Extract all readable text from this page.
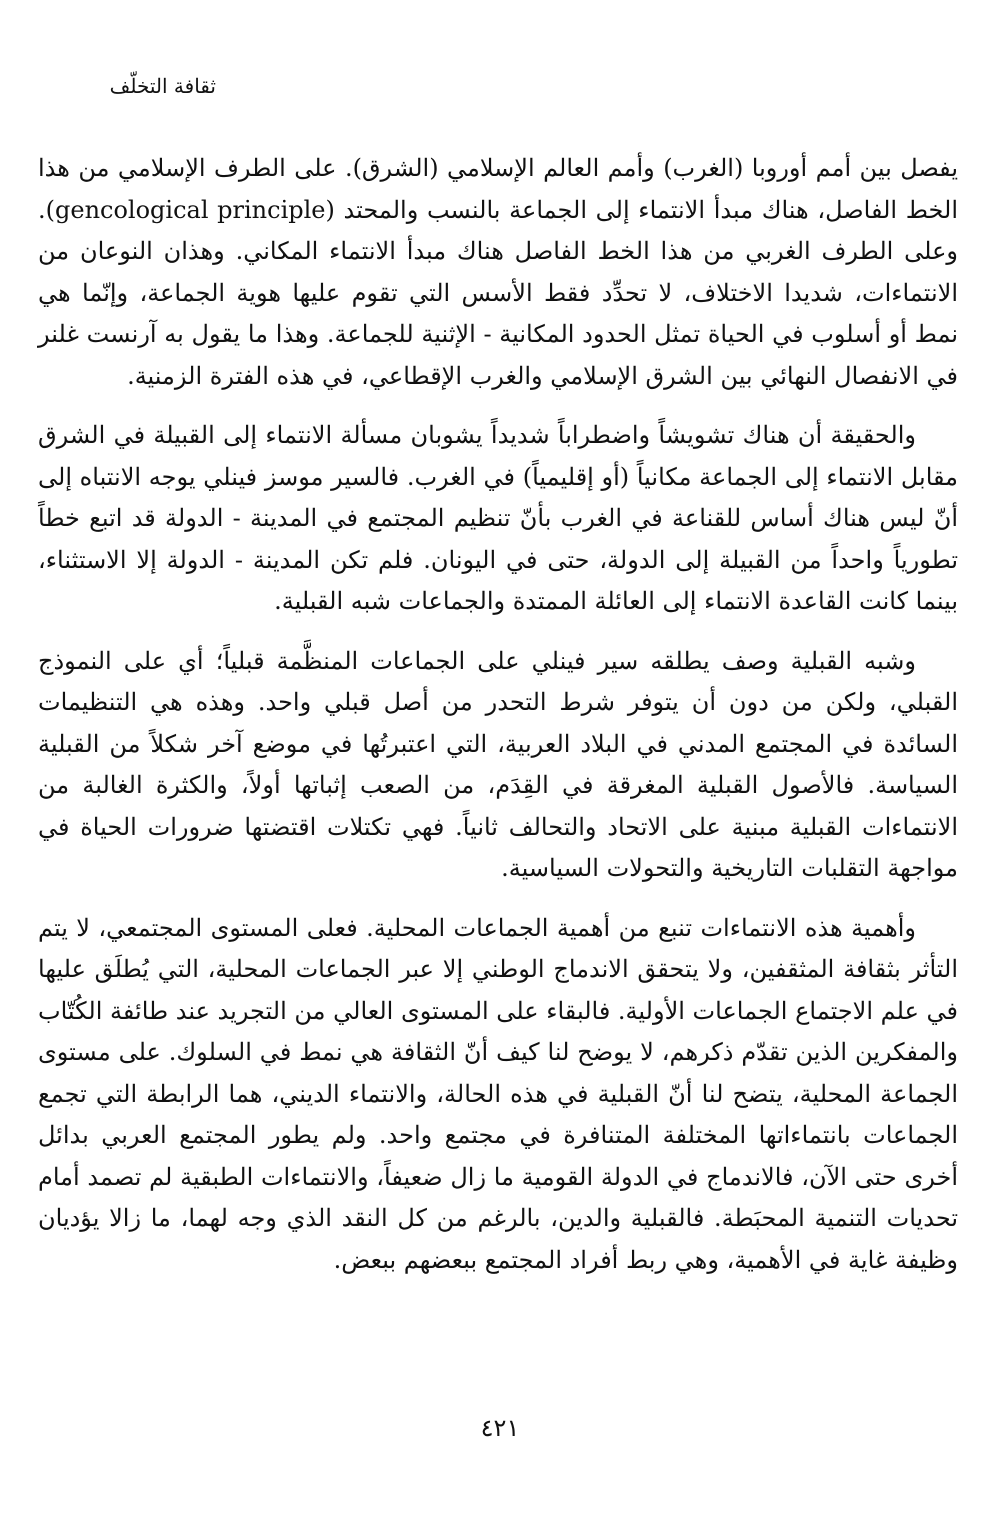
ثقافة التخلّف

يفصل بين أمم أوروبا (الغرب) وأمم العالم الإسلامي (الشرق). على الطرف الإسلامي من هذا الخط الفاصل، هناك مبدأ الانتماء إلى الجماعة بالنسب والمحتد (gencological principle). وعلى الطرف الغربي من هذا الخط الفاصل هناك مبدأ الانتماء المكاني. وهذان النوعان من الانتماءات، شديدا الاختلاف، لا تحدِّد فقط الأسس التي تقوم عليها هوية الجماعة، وإنّما هي نمط أو أسلوب في الحياة تمثل الحدود المكانية - الإثنية للجماعة. وهذا ما يقول به آرنست غلنر في الانفصال النهائي بين الشرق الإسلامي والغرب الإقطاعي، في هذه الفترة الزمنية.

والحقيقة أن هناك تشويشاً واضطراباً شديداً يشوبان مسألة الانتماء إلى القبيلة في الشرق مقابل الانتماء إلى الجماعة مكانياً (أو إقليمياً) في الغرب. فالسير موسز فينلي يوجه الانتباه إلى أنّ ليس هناك أساس للقناعة في الغرب بأنّ تنظيم المجتمع في المدينة - الدولة قد اتبع خطاً تطورياً واحداً من القبيلة إلى الدولة، حتى في اليونان. فلم تكن المدينة - الدولة إلا الاستثناء، بينما كانت القاعدة الانتماء إلى العائلة الممتدة والجماعات شبه القبلية.

وشبه القبلية وصف يطلقه سير فينلي على الجماعات المنظَّمة قبلياً؛ أي على النموذج القبلي، ولكن من دون أن يتوفر شرط التحدر من أصل قبلي واحد. وهذه هي التنظيمات السائدة في المجتمع المدني في البلاد العربية، التي اعتبرتُها في موضع آخر شكلاً من القبلية السياسة. فالأصول القبلية المغرقة في القِدَم، من الصعب إثباتها أولاً، والكثرة الغالبة من الانتماءات القبلية مبنية على الاتحاد والتحالف ثانياً. فهي تكتلات اقتضتها ضرورات الحياة في مواجهة التقلبات التاريخية والتحولات السياسية.

وأهمية هذه الانتماءات تنبع من أهمية الجماعات المحلية. فعلى المستوى المجتمعي، لا يتم التأثر بثقافة المثقفين، ولا يتحقق الاندماج الوطني إلا عبر الجماعات المحلية، التي يُطلَق عليها في علم الاجتماع الجماعات الأولية. فالبقاء على المستوى العالي من التجريد عند طائفة الكُتّاب والمفكرين الذين تقدّم ذكرهم، لا يوضح لنا كيف أنّ الثقافة هي نمط في السلوك. على مستوى الجماعة المحلية، يتضح لنا أنّ القبلية في هذه الحالة، والانتماء الديني، هما الرابطة التي تجمع الجماعات بانتماءاتها المختلفة المتنافرة في مجتمع واحد. ولم يطور المجتمع العربي بدائل أخرى حتى الآن، فالاندماج في الدولة القومية ما زال ضعيفاً، والانتماءات الطبقية لم تصمد أمام تحديات التنمية المحبَطة. فالقبلية والدين، بالرغم من كل النقد الذي وجه لهما، ما زالا يؤديان وظيفة غاية في الأهمية، وهي ربط أفراد المجتمع ببعضهم ببعض.

٤٢١
